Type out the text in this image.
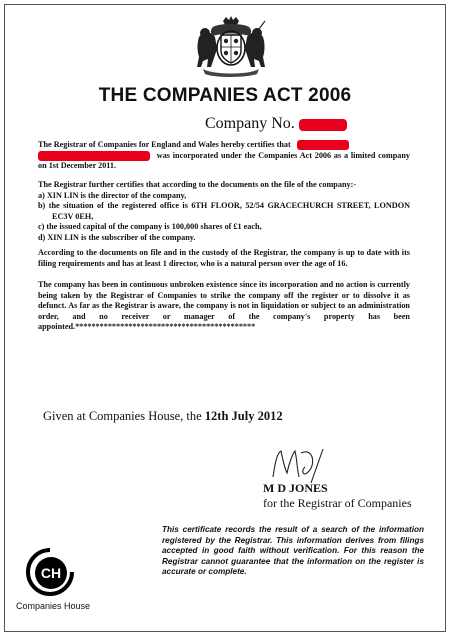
THE COMPANIES ACT 2006
Company No.
The Registrar of Companies for England and Wales hereby certifies that
was incorporated under the Companies Act 2006 as a limited company on 1st December 2011.
The Registrar further certifies that according to the documents on the file of the company:-

a) XIN LIN is the director of the company,
b) the situation of the registered office is 6TH FLOOR, 52/54 GRACECHURCH STREET, LONDON EC3V 0EH,
c) the issued capital of the company is 100,000 shares of £1 each,
d) XIN LIN is the subscriber of the company.
According to the documents on file and in the custody of the Registrar, the company is up to date with its filing requirements and has at least 1 director, who is a natural person over the age of 16.
The company has been in continuous unbroken existence since its incorporation and no action is currently being taken by the Registrar of Companies to strike the company off the register or to dissolve it as defunct. As far as the Registrar is aware, the company is not in liquidation or subject to an administration order, and no receiver or manager of the company's property has been appointed.********************************************
Given at Companies House, the 12th July 2012
M D JONES
for the Registrar of Companies
This certificate records the result of a search of the information registered by the Registrar. This information derives from filings accepted in good faith without verification. For this reason the Registrar cannot guarantee that the information on the register is accurate or complete.
CH
Companies House
